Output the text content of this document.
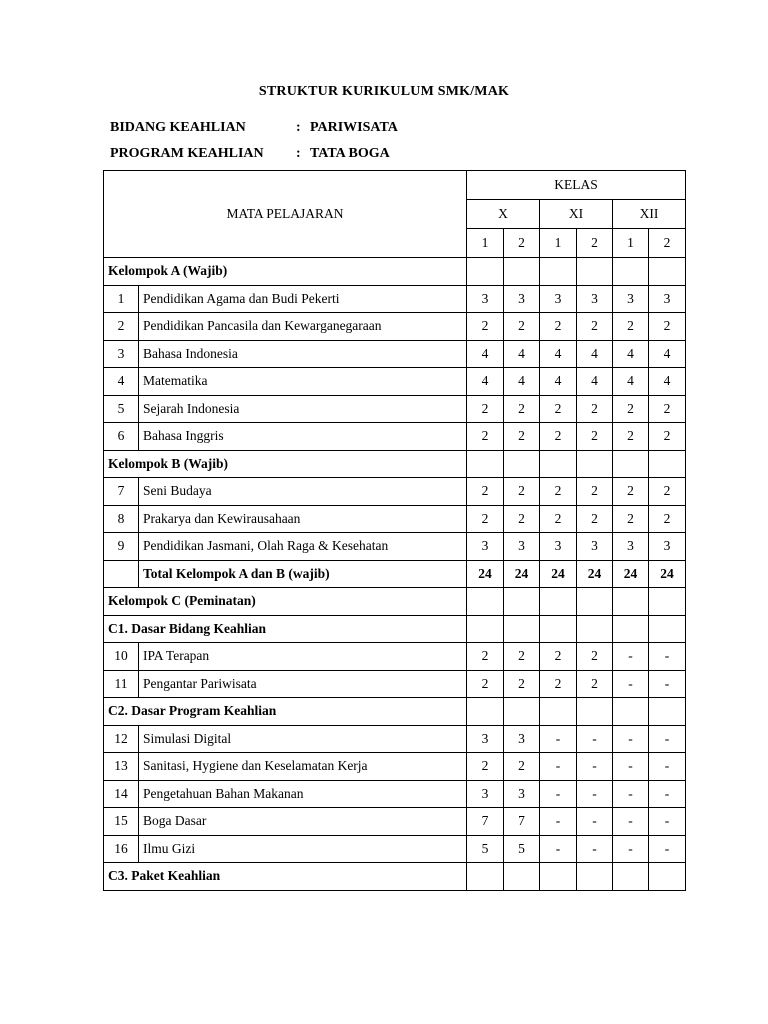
STRUKTUR KURIKULUM SMK/MAK
BIDANG KEAHLIAN	: PARIWISATA
PROGRAM KEAHLIAN : TATA BOGA
MATA PELAJARAN		KELAS					
		X		XI		XII	
		1	2	1	2	1	2
Kelompok A (Wajib)							
1	Pendidikan Agama dan Budi Pekerti	3	3	3	3	3	3
2	Pendidikan Pancasila dan Kewarganegaraan	2	2	2	2	2	2
3	Bahasa Indonesia	4	4	4	4	4	4
4	Matematika	4	4	4	4	4	4
5	Sejarah Indonesia	2	2	2	2	2	2
6	Bahasa Inggris	2	2	2	2	2	2
Kelompok B (Wajib)							
7	Seni Budaya	2	2	2	2	2	2
8	Prakarya dan Kewirausahaan	2	2	2	2	2	2
9	Pendidikan Jasmani, Olah Raga & Kesehatan	3	3	3	3	3	3
	Total Kelompok A dan B (wajib)	24	24	24	24	24	24
Kelompok C (Peminatan)							
C1. Dasar Bidang Keahlian							
10	IPA Terapan	2	2	2	2	-	-
11	Pengantar Pariwisata	2	2	2	2	-	-
C2. Dasar Program Keahlian							
12	Simulasi Digital	3	3	-	-	-	-
13	Sanitasi, Hygiene dan Keselamatan Kerja	2	2	-	-	-	-
14	Pengetahuan Bahan Makanan	3	3	-	-	-	-
15	Boga Dasar	7	7	-	-	-	-
16	Ilmu Gizi	5	5	-	-	-	-
C3. Paket Keahlian							
